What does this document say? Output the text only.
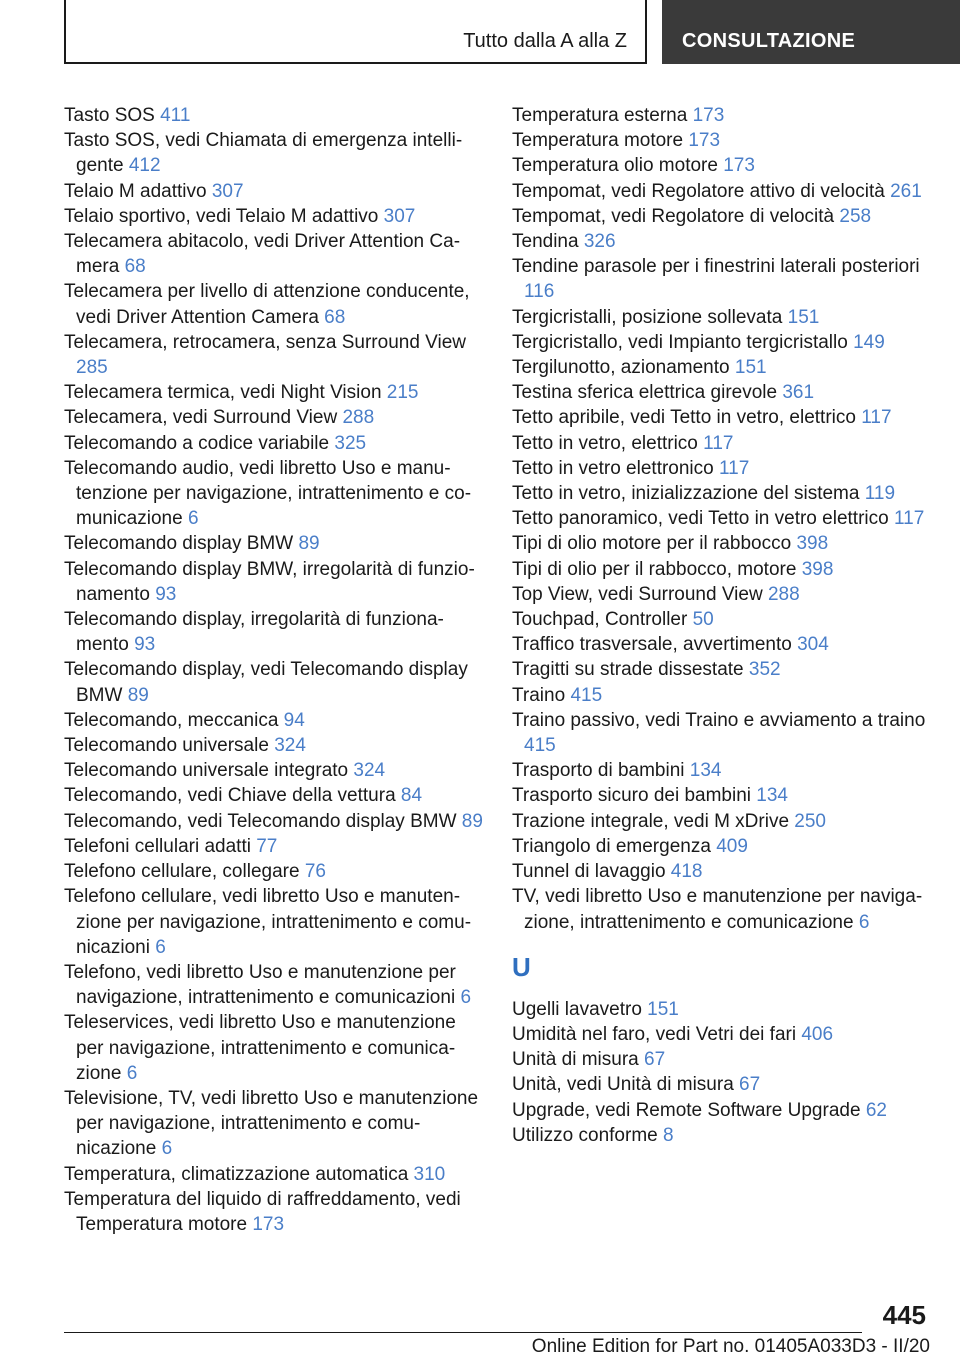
Tutto dalla A alla Z	CONSULTAZIONE
Tasto SOS 411
Tasto SOS, vedi Chiamata di emergenza intelligente 412
Telaio M adattivo 307
Telaio sportivo, vedi Telaio M adattivo 307
Telecamera abitacolo, vedi Driver Attention Camera 68
Telecamera per livello di attenzione conducente, vedi Driver Attention Camera 68
Telecamera, retrocamera, senza Surround View 285
Telecamera termica, vedi Night Vision 215
Telecamera, vedi Surround View 288
Telecomando a codice variabile 325
Telecomando audio, vedi libretto Uso e manutenzione per navigazione, intrattenimento e comunicazione 6
Telecomando display BMW 89
Telecomando display BMW, irregolarità di funzionamento 93
Telecomando display, irregolarità di funzionamento 93
Telecomando display, vedi Telecomando display BMW 89
Telecomando, meccanica 94
Telecomando universale 324
Telecomando universale integrato 324
Telecomando, vedi Chiave della vettura 84
Telecomando, vedi Telecomando display BMW 89
Telefoni cellulari adatti 77
Telefono cellulare, collegare 76
Telefono cellulare, vedi libretto Uso e manutenzione per navigazione, intrattenimento e comunicazioni 6
Telefono, vedi libretto Uso e manutenzione per navigazione, intrattenimento e comunicazioni 6
Teleservices, vedi libretto Uso e manutenzione per navigazione, intrattenimento e comunicazione 6
Televisione, TV, vedi libretto Uso e manutenzione per navigazione, intrattenimento e comunicazione 6
Temperatura, climatizzazione automatica 310
Temperatura del liquido di raffreddamento, vedi Temperatura motore 173
Temperatura esterna 173
Temperatura motore 173
Temperatura olio motore 173
Tempomat, vedi Regolatore attivo di velocità 261
Tempomat, vedi Regolatore di velocità 258
Tendina 326
Tendine parasole per i finestrini laterali posteriori 116
Tergicristalli, posizione sollevata 151
Tergicristallo, vedi Impianto tergicristallo 149
Tergilunotto, azionamento 151
Testina sferica elettrica girevole 361
Tetto apribile, vedi Tetto in vetro, elettrico 117
Tetto in vetro, elettrico 117
Tetto in vetro elettronico 117
Tetto in vetro, inizializzazione del sistema 119
Tetto panoramico, vedi Tetto in vetro elettrico 117
Tipi di olio motore per il rabbocco 398
Tipi di olio per il rabbocco, motore 398
Top View, vedi Surround View 288
Touchpad, Controller 50
Traffico trasversale, avvertimento 304
Tragitti su strade dissestate 352
Traino 415
Traino passivo, vedi Traino e avviamento a traino 415
Trasporto di bambini 134
Trasporto sicuro dei bambini 134
Trazione integrale, vedi M xDrive 250
Triangolo di emergenza 409
Tunnel di lavaggio 418
TV, vedi libretto Uso e manutenzione per navigazione, intrattenimento e comunicazione 6
U
Ugelli lavavetro 151
Umidità nel faro, vedi Vetri dei fari 406
Unità di misura 67
Unità, vedi Unità di misura 67
Upgrade, vedi Remote Software Upgrade 62
Utilizzo conforme 8
445
Online Edition for Part no. 01405A033D3 - II/20
